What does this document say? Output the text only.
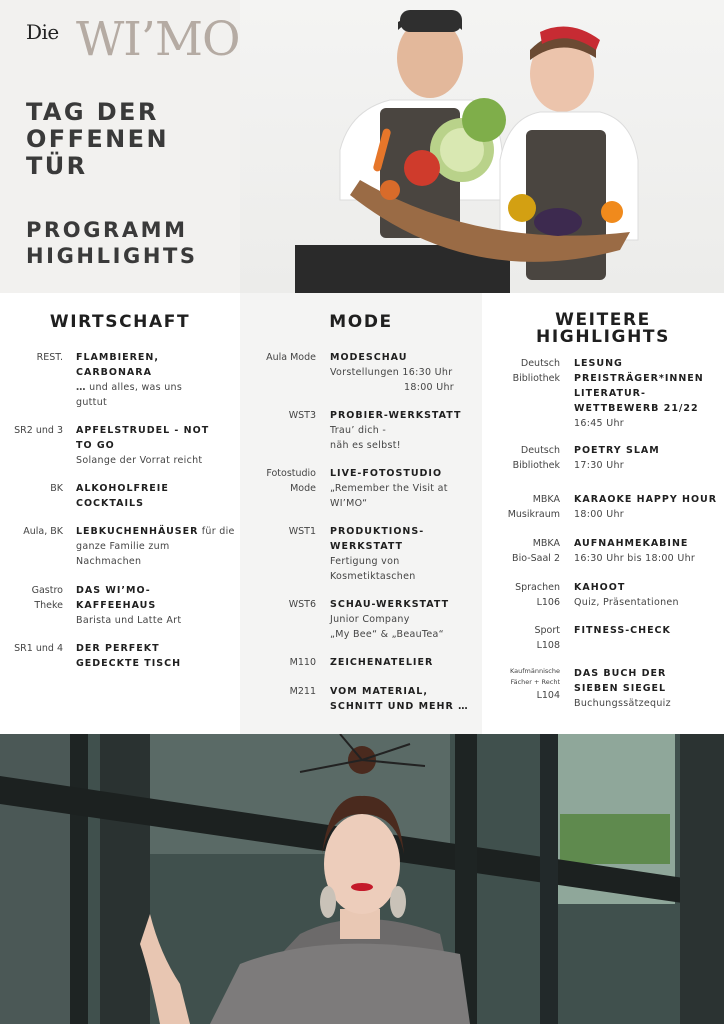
Die WI’MO
TAG DER OFFENEN TÜR
PROGRAMM HIGHLIGHTS
WIRTSCHAFT
REST. FLAMBIEREN, CARBONARA
… und alles, was uns guttut
SR2 und 3 APFELSTRUDEL - NOT TO GO
Solange der Vorrat reicht
BK ALKOHOLFREIE COCKTAILS
Aula, BK LEBKUCHENHÄUSER für die ganze Familie zum Nachmachen
Gastro
Theke
DAS WI’MO-KAFFEEHAUS
Barista und Latte Art
SR1 und 4 DER PERFEKT GEDECKTE TISCH
MODE
Aula Mode MODESCHAU
Vorstellungen 16:30 Uhr
18:00 Uhr
WST3 PROBIER-WERKSTATT
Trau’ dich -
näh es selbst!
Fotostudio
Mode
LIVE-FOTOSTUDIO
„Remember the Visit at WI’MO“
WST1 PRODUKTIONS-WERKSTATT
Fertigung von Kosmetiktaschen
WST6 SCHAU-WERKSTATT
Junior Company
„My Bee“ & „BeauTea“
M110 ZEICHENATELIER
M211 VOM MATERIAL, SCHNITT UND MEHR …
WEITERE HIGHLIGHTS
Deutsch
Bibliothek
LESUNG PREISTRÄGER*INNEN LITERATUR-WETTBEWERB 21/22
16:45 Uhr
Deutsch
Bibliothek
POETRY SLAM
17:30 Uhr
MBKA
Musikraum
KARAOKE HAPPY HOUR
18:00 Uhr
MBKA
Bio-Saal 2
AUFNAHMEKABINE
16:30 Uhr bis 18:00 Uhr
Sprachen
L106
KAHOOT
Quiz, Präsentationen
Sport
L108
FITNESS-CHECK
Kaufmännische
Fächer + Recht
L104
DAS BUCH DER SIEBEN SIEGEL
Buchungssätzequiz
